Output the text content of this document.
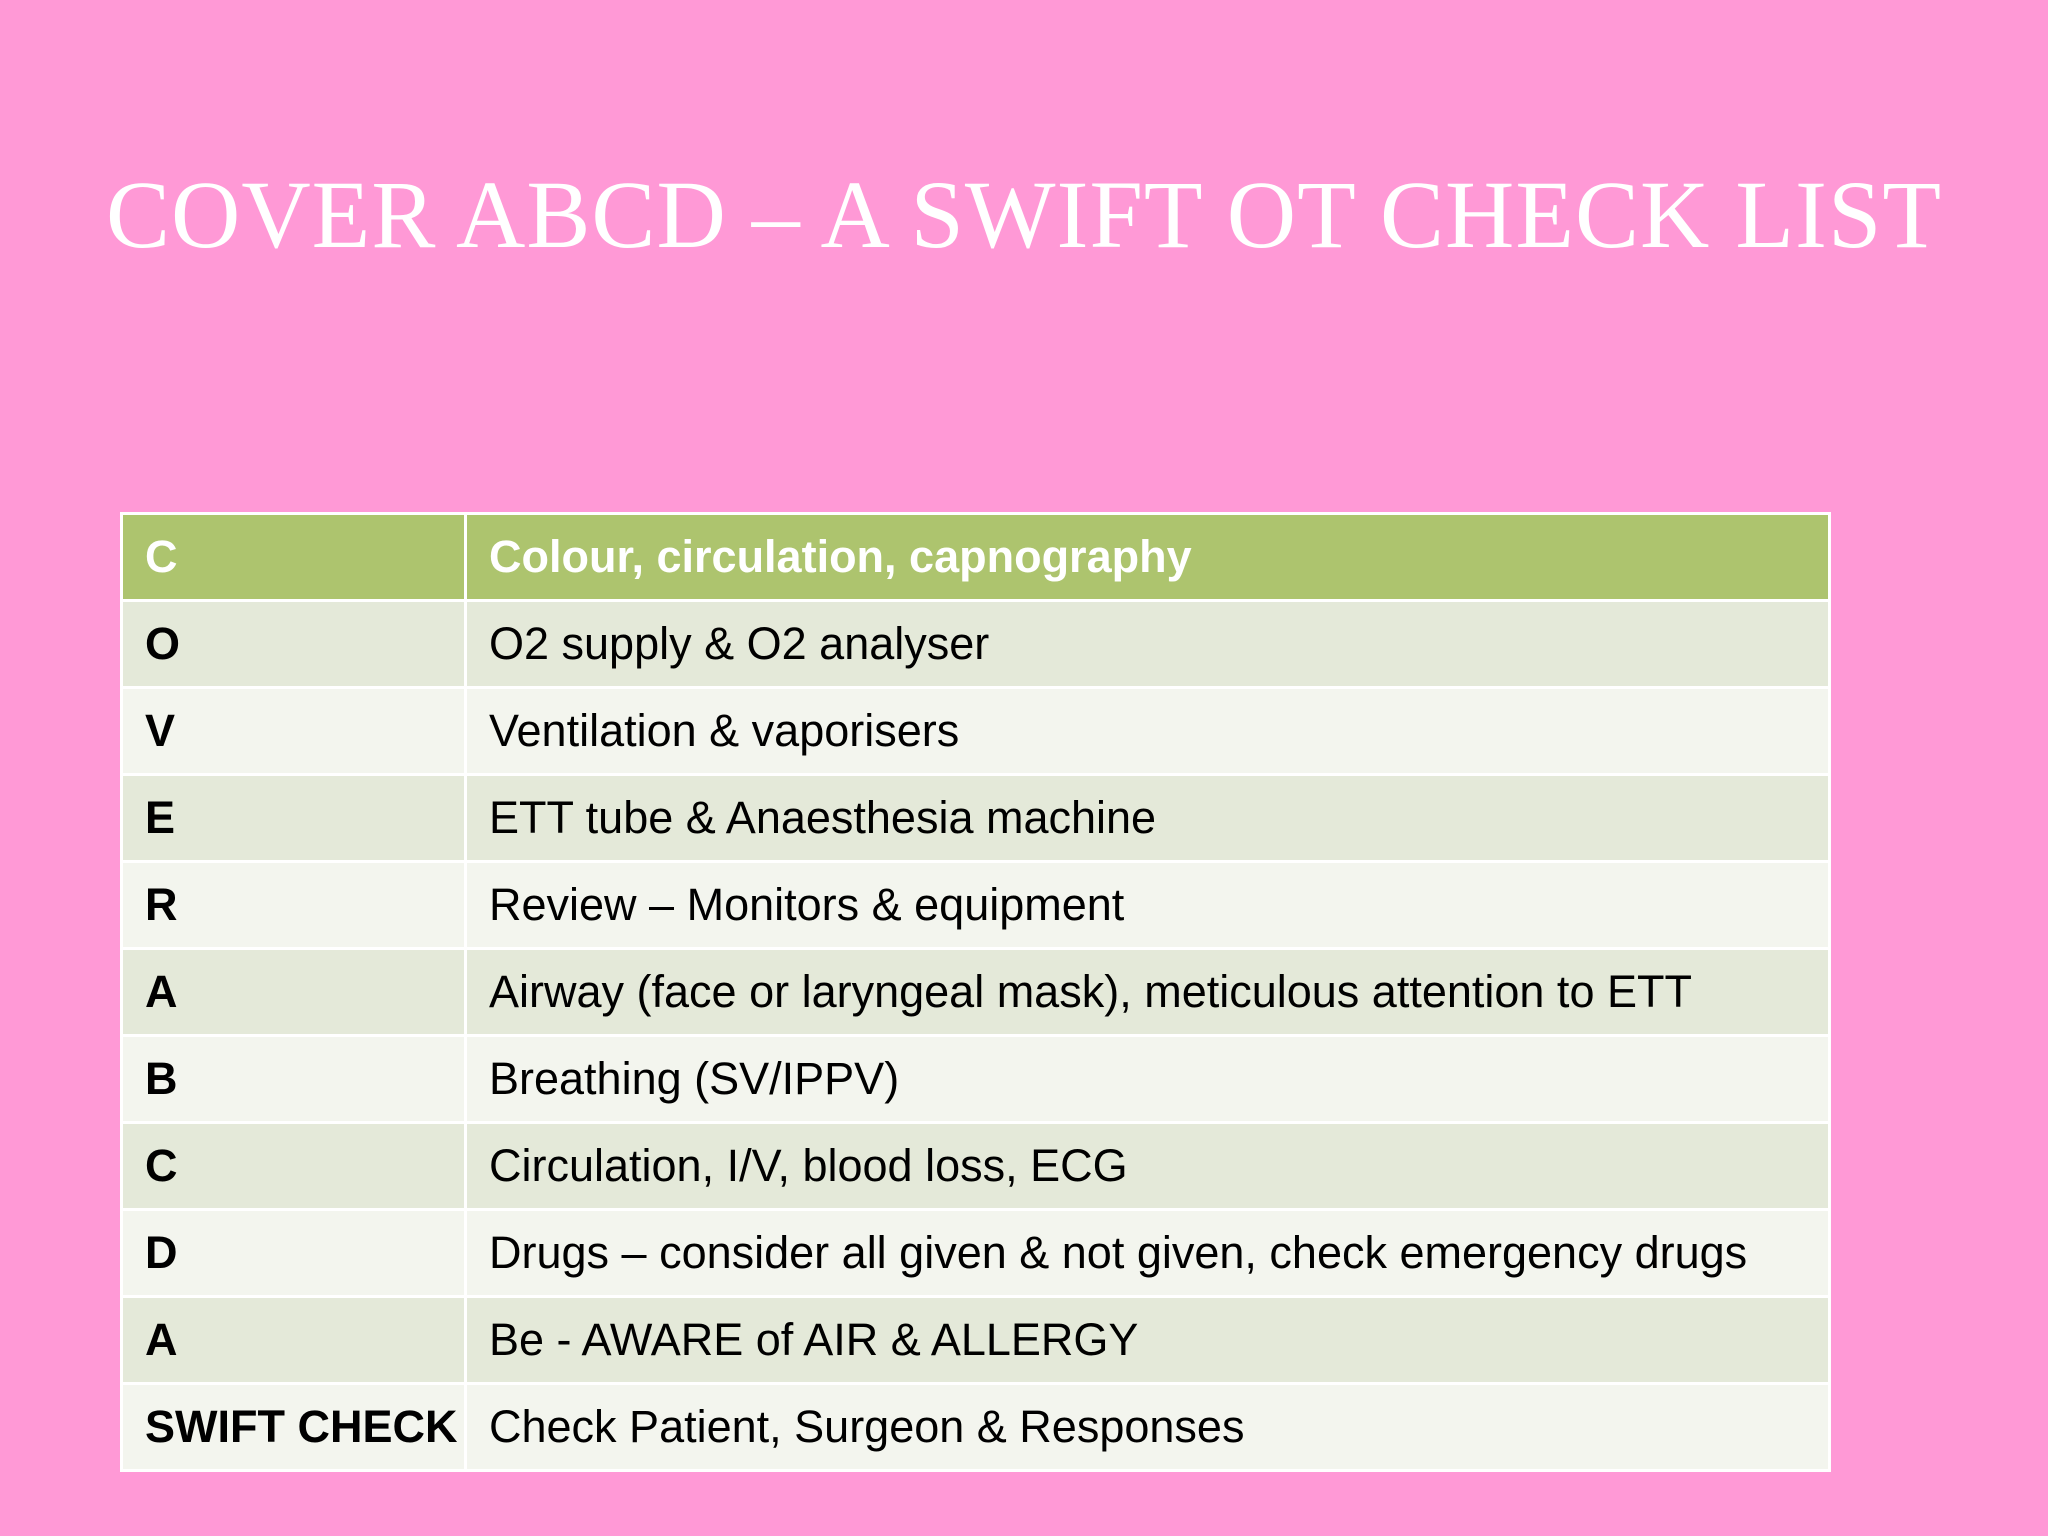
COVER ABCD – A SWIFT OT CHECK LIST
C	Colour, circulation, capnography
O	O2 supply & O2 analyser
V	Ventilation & vaporisers
E	ETT tube & Anaesthesia machine
R	Review – Monitors & equipment
A	Airway (face or laryngeal mask), meticulous attention to ETT
B	Breathing (SV/IPPV)
C	Circulation, I/V, blood loss, ECG
D	Drugs – consider all given & not given, check emergency drugs
A	Be - AWARE of AIR & ALLERGY
SWIFT CHECK	Check Patient, Surgeon & Responses
